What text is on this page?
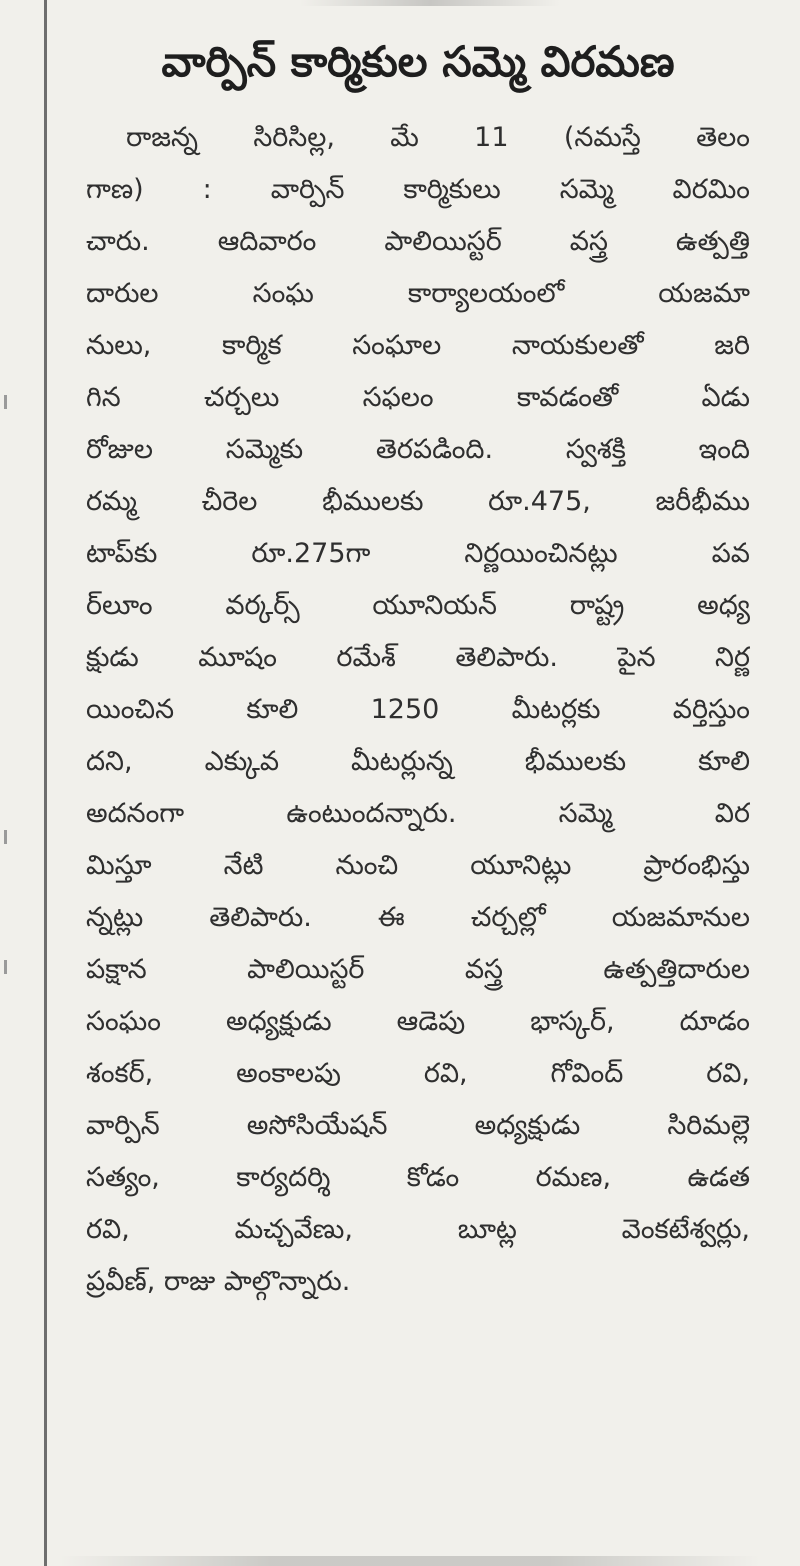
వార్పిన్ కార్మికుల సమ్మె విరమణ

రాజన్న సిరిసిల్ల, మే 11 (నమస్తే తెలం
గాణ) : వార్పిన్ కార్మికులు సమ్మె విరమిం
చారు. ఆదివారం పాలియిస్టర్ వస్త్ర ఉత్పత్తి
దారుల సంఘ కార్యాలయంలో యజమా
నులు, కార్మిక సంఘాల నాయకులతో జరి
గిన చర్చలు సఫలం కావడంతో ఏడు
రోజుల సమ్మెకు తెరపడింది. స్వశక్తి ఇంది
రమ్మ చీరెల భీములకు రూ.475, జరీభీము
టాప్‌కు రూ.275గా నిర్ణయించినట్లు పవ
ర్‌లూం వర్కర్స్ యూనియన్ రాష్ట్ర అధ్య
క్షుడు మూషం రమేశ్ తెలిపారు. పైన నిర్ణ
యించిన కూలి 1250 మీటర్లకు వర్తిస్తుం
దని, ఎక్కువ మీటర్లున్న భీములకు కూలి
అదనంగా ఉంటుందన్నారు. సమ్మె విర
మిస్తూ నేటి నుంచి యూనిట్లు ప్రారంభిస్తు
న్నట్లు తెలిపారు. ఈ చర్చల్లో యజమానుల
పక్షాన పాలియిస్టర్ వస్త్ర ఉత్పత్తిదారుల
సంఘం అధ్యక్షుడు ఆడెపు భాస్కర్, దూడం
శంకర్, అంకాలపు రవి, గోవింద్ రవి,
వార్పిన్ అసోసియేషన్ అధ్యక్షుడు సిరిమల్లె
సత్యం, కార్యదర్శి కోడం రమణ, ఉడత
రవి, మచ్చవేణు, బూట్ల వెంకటేశ్వర్లు,
ప్రవీణ్, రాజు పాల్గొన్నారు.
